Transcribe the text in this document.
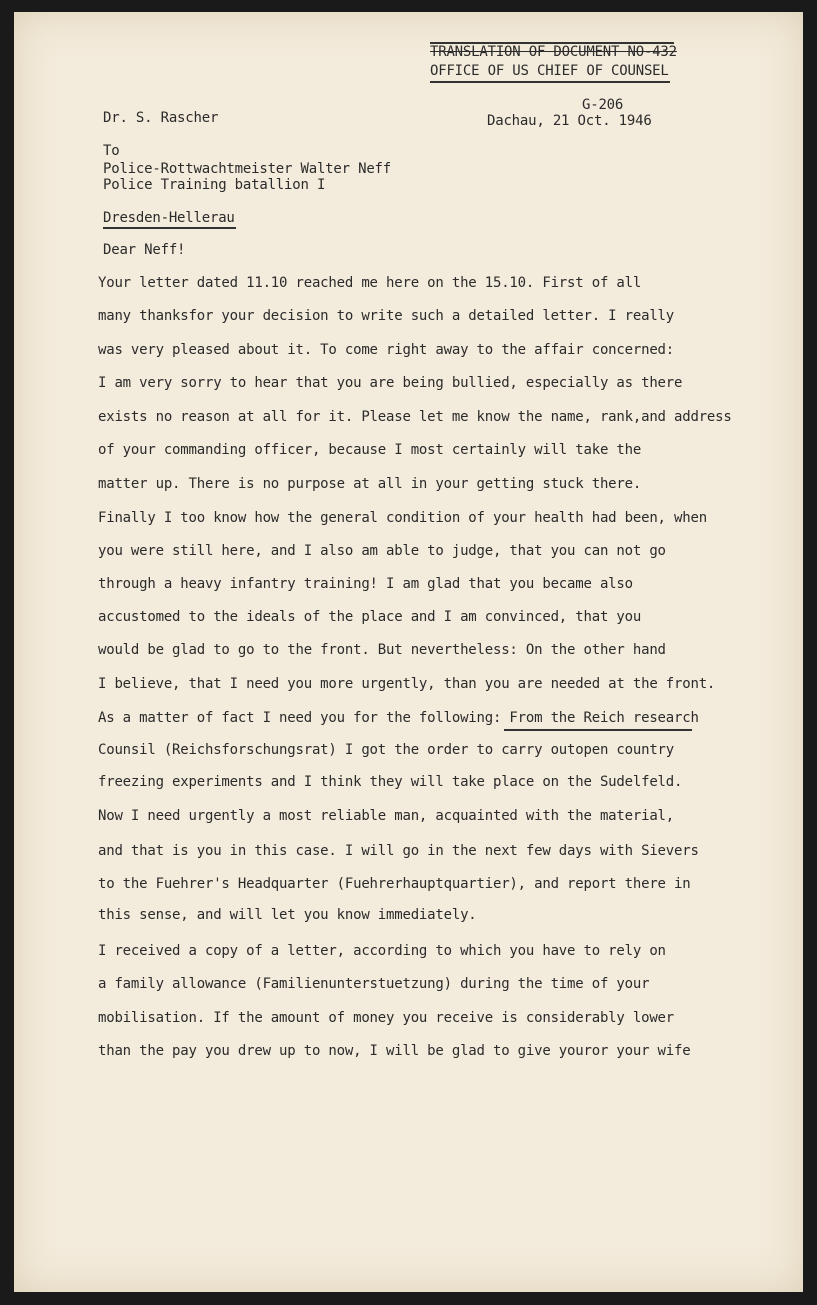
TRANSLATION OF DOCUMENT NO-432
OFFICE OF US CHIEF OF COUNSEL
G-206
Dr. S. Rascher	Dachau, 21 Oct. 1946
To
Police-Rottwachtmeister Walter Neff
Police Training batallion I
Dresden-Hellerau
Dear Neff!
Your letter dated 11.10 reached me here on the 15.10. First of all
many thanksfor your decision to write such a detailed letter. I really
was very pleased about it. To come right away to the affair concerned:
I am very sorry to hear that you are being bullied, especially as there
exists no reason at all for it. Please let me know the name, rank,and address
of your commanding officer, because I most certainly will take the
matter up. There is no purpose at all in your getting stuck there.
Finally I too know how the general condition of your health had been, when
you were still here, and I also am able to judge, that you can not go
through a heavy infantry training! I am glad that you became also
accustomed to the ideals of the place and I am convinced, that you
would be glad to go to the front. But nevertheless: On the other hand
I believe, that I need you more urgently, than you are needed at the front.
As a matter of fact I need you for the following: From the Reich research
Counsil (Reichsforschungsrat) I got the order to carry outopen country
freezing experiments and I think they will take place on the Sudelfeld.
Now I need urgently a most reliable man, acquainted with the material,
and that is you in this case. I will go in the next few days with Sievers
to the Fuehrer's Headquarter (Fuehrerhauptquartier), and report there in
this sense, and will let you know immediately.
I received a copy of a letter, according to which you have to rely on
a family allowance (Familienunterstuetzung) during the time of your
mobilisation. If the amount of money you receive is considerably lower
than the pay you drew up to now, I will be glad to give youror your wife
